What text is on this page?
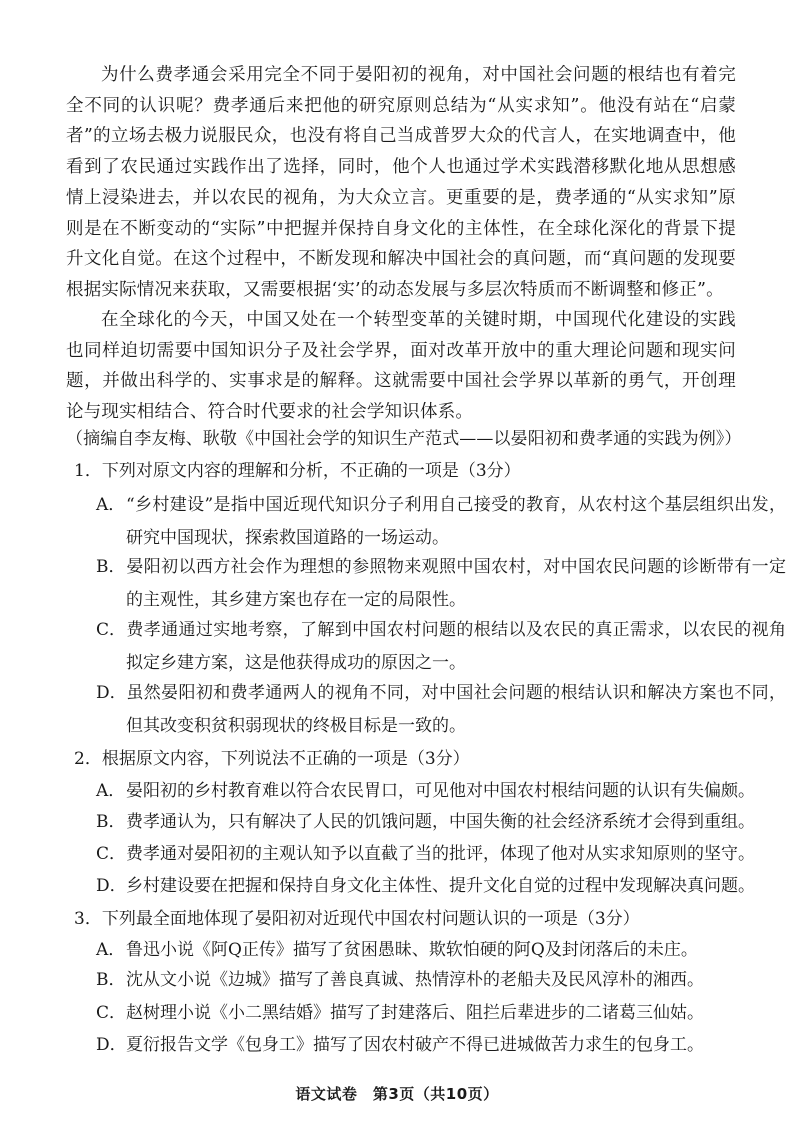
为什么费孝通会采用完全不同于晏阳初的视角，对中国社会问题的根结也有着完全不同的认识呢？费孝通后来把他的研究原则总结为“从实求知”。他没有站在“启蒙者”的立场去极力说服民众，也没有将自己当成普罗大众的代言人，在实地调查中，他看到了农民通过实践作出了选择，同时，他个人也通过学术实践潜移默化地从思想感情上浸染进去，并以农民的视角，为大众立言。更重要的是，费孝通的“从实求知”原则是在不断变动的“实际”中把握并保持自身文化的主体性，在全球化深化的背景下提升文化自觉。在这个过程中，不断发现和解决中国社会的真问题，而“真问题的发现要根据实际情况来获取，又需要根据‘实’的动态发展与多层次特质而不断调整和修正”。

在全球化的今天，中国又处在一个转型变革的关键时期，中国现代化建设的实践也同样迫切需要中国知识分子及社会学界，面对改革开放中的重大理论问题和现实问题，并做出科学的、实事求是的解释。这就需要中国社会学界以革新的勇气，开创理论与现实相结合、符合时代要求的社会学知识体系。

（摘编自李友梅、耿敬《中国社会学的知识生产范式——以晏阳初和费孝通的实践为例》）
1．下列对原文内容的理解和分析，不正确的一项是（3分）
A．“乡村建设”是指中国近现代知识分子利用自己接受的教育，从农村这个基层组织出发，研究中国现状，探索救国道路的一场运动。
B．晏阳初以西方社会作为理想的参照物来观照中国农村，对中国农民问题的诊断带有一定的主观性，其乡建方案也存在一定的局限性。
C．费孝通通过实地考察，了解到中国农村问题的根结以及农民的真正需求，以农民的视角拟定乡建方案，这是他获得成功的原因之一。
D．虽然晏阳初和费孝通两人的视角不同，对中国社会问题的根结认识和解决方案也不同，但其改变积贫积弱现状的终极目标是一致的。
2．根据原文内容，下列说法不正确的一项是（3分）
A．晏阳初的乡村教育难以符合农民胃口，可见他对中国农村根结问题的认识有失偏颇。
B．费孝通认为，只有解决了人民的饥饿问题，中国失衡的社会经济系统才会得到重组。
C．费孝通对晏阳初的主观认知予以直截了当的批评，体现了他对从实求知原则的坚守。
D．乡村建设要在把握和保持自身文化主体性、提升文化自觉的过程中发现解决真问题。
3．下列最全面地体现了晏阳初对近现代中国农村问题认识的一项是（3分）
A．鲁迅小说《阿Q正传》描写了贫困愚昧、欺软怕硬的阿Q及封闭落后的未庄。
B．沈从文小说《边城》描写了善良真诚、热情淳朴的老船夫及民风淳朴的湘西。
C．赵树理小说《小二黑结婚》描写了封建落后、阻拦后辈进步的二诸葛三仙姑。
D．夏衍报告文学《包身工》描写了因农村破产不得已进城做苦力求生的包身工。
语文试卷　第3页（共10页）
